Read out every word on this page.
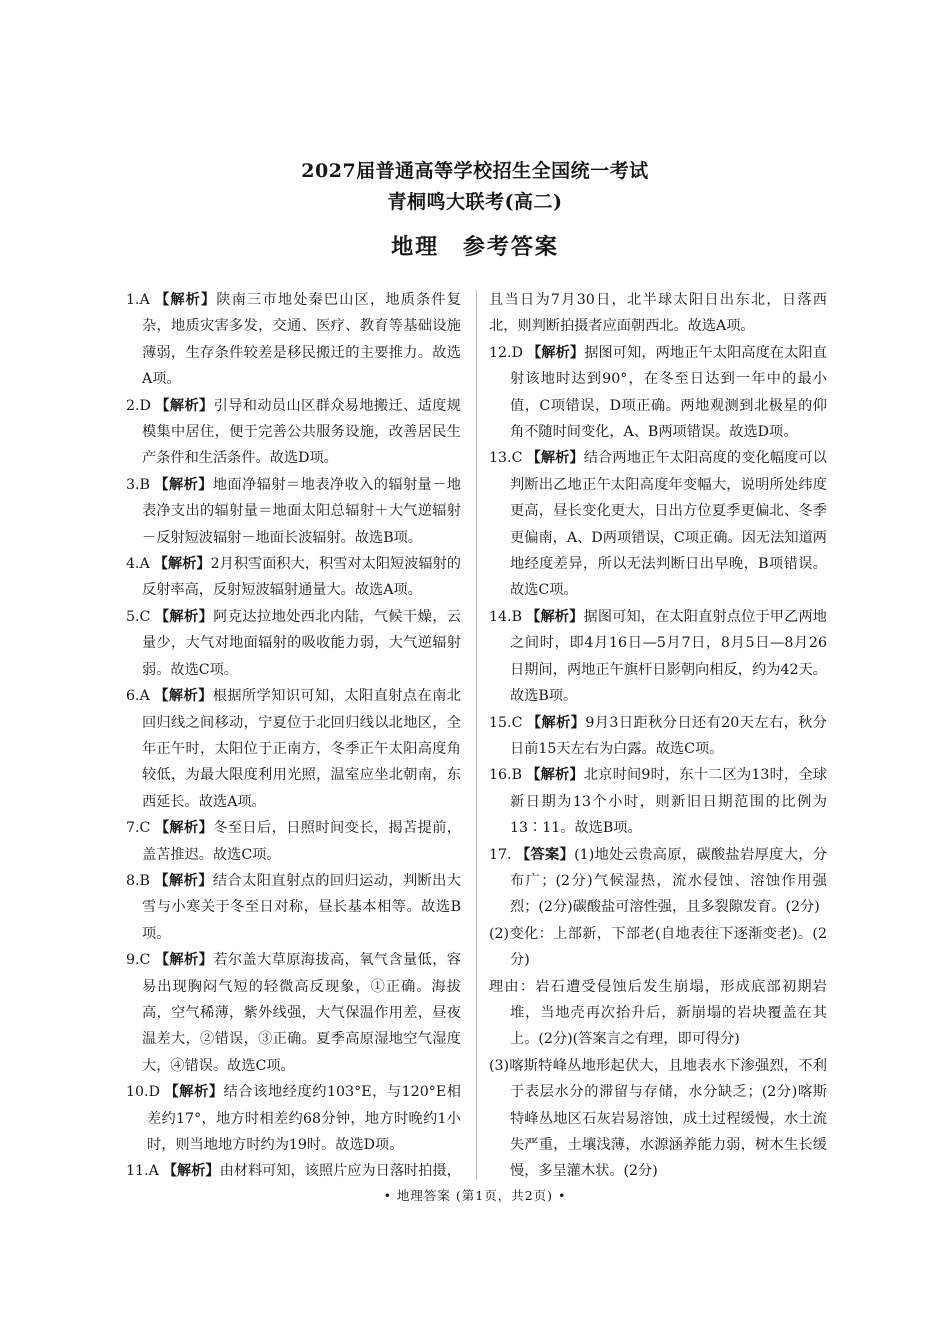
2027届普通高等学校招生全国统一考试
青桐鸣大联考(高二)
地理 参考答案
1.A 【解析】陕南三市地处秦巴山区，地质条件复杂，地质灾害多发，交通、医疗、教育等基础设施薄弱，生存条件较差是移民搬迁的主要推力。故选A项。
2.D 【解析】引导和动员山区群众易地搬迁、适度规模集中居住，便于完善公共服务设施，改善居民生产条件和生活条件。故选D项。
3.B 【解析】地面净辐射＝地表净收入的辐射量－地表净支出的辐射量＝地面太阳总辐射＋大气逆辐射－反射短波辐射－地面长波辐射。故选B项。
4.A 【解析】2月积雪面积大，积雪对太阳短波辐射的反射率高，反射短波辐射通量大。故选A项。
5.C 【解析】阿克达拉地处西北内陆，气候干燥，云量少，大气对地面辐射的吸收能力弱，大气逆辐射弱。故选C项。
6.A 【解析】根据所学知识可知，太阳直射点在南北回归线之间移动，宁夏位于北回归线以北地区，全年正午时，太阳位于正南方，冬季正午太阳高度角较低，为最大限度利用光照，温室应坐北朝南，东西延长。故选A项。
7.C 【解析】冬至日后，日照时间变长，揭苫提前，盖苫推迟。故选C项。
8.B 【解析】结合太阳直射点的回归运动，判断出大雪与小寒关于冬至日对称，昼长基本相等。故选B项。
9.C 【解析】若尔盖大草原海拔高，氧气含量低，容易出现胸闷气短的轻微高反现象，①正确。海拔高，空气稀薄，紫外线强，大气保温作用差，昼夜温差大，②错误，③正确。夏季高原湿地空气湿度大，④错误。故选C项。
10.D 【解析】结合该地经度约103°E，与120°E相差约17°，地方时相差约68分钟，地方时晚约1小时，则当地地方时约为19时。故选D项。
11.A 【解析】由材料可知，该照片应为日落时拍摄，
且当日为7月30日，北半球太阳日出东北，日落西北，则判断拍摄者应面朝西北。故选A项。
12.D 【解析】据图可知，两地正午太阳高度在太阳直射该地时达到90°，在冬至日达到一年中的最小值，C项错误，D项正确。两地观测到北极星的仰角不随时间变化，A、B两项错误。故选D项。
13.C 【解析】结合两地正午太阳高度的变化幅度可以判断出乙地正午太阳高度年变幅大，说明所处纬度更高，昼长变化更大，日出方位夏季更偏北、冬季更偏南，A、D两项错误，C项正确。因无法知道两地经度差异，所以无法判断日出早晚，B项错误。故选C项。
14.B 【解析】据图可知，在太阳直射点位于甲乙两地之间时，即4月16日—5月7日，8月5日—8月26日期间，两地正午旗杆日影朝向相反，约为42天。故选B项。
15.C 【解析】9月3日距秋分日还有20天左右，秋分日前15天左右为白露。故选C项。
16.B 【解析】北京时间9时，东十二区为13时，全球新日期为13个小时，则新旧日期范围的比例为13∶11。故选B项。
17. 【答案】(1)地处云贵高原，碳酸盐岩厚度大，分布广；(2分)气候湿热，流水侵蚀、溶蚀作用强烈；(2分)碳酸盐可溶性强，且多裂隙发育。(2分)
(2)变化：上部新，下部老(自地表往下逐渐变老)。(2分)
理由：岩石遭受侵蚀后发生崩塌，形成底部初期岩堆，当地壳再次抬升后，新崩塌的岩块覆盖在其上。(2分)(答案言之有理，即可得分)
(3)喀斯特峰丛地形起伏大，且地表水下渗强烈，不利于表层水分的滞留与存储，水分缺乏；(2分)喀斯特峰丛地区石灰岩易溶蚀，成土过程缓慢，水土流失严重，土壤浅薄，水源涵养能力弱，树木生长缓慢，多呈灌木状。(2分)
• 地理答案 (第1页，共2页) •
